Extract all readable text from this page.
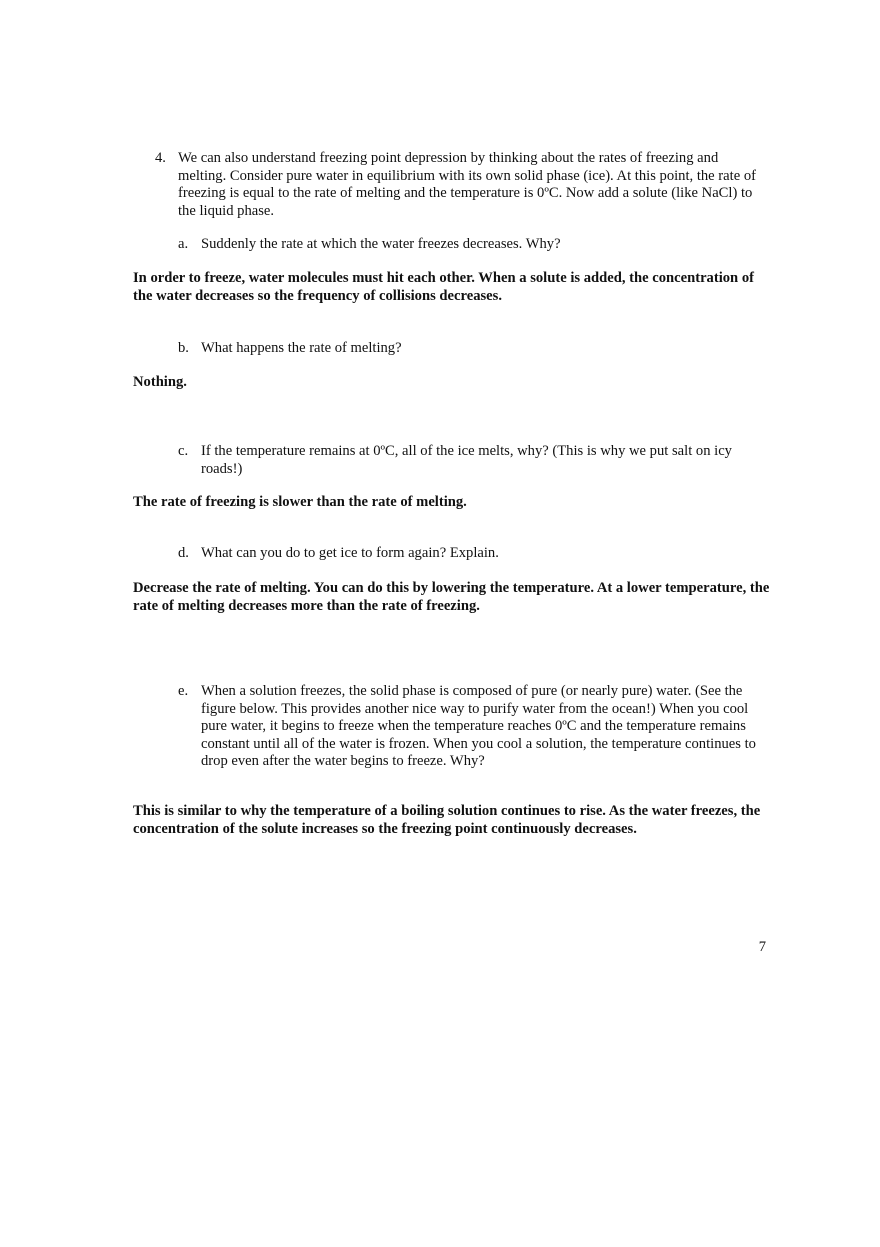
4. We can also understand freezing point depression by thinking about the rates of freezing and melting. Consider pure water in equilibrium with its own solid phase (ice). At this point, the rate of freezing is equal to the rate of melting and the temperature is 0ºC. Now add a solute (like NaCl) to the liquid phase.
a. Suddenly the rate at which the water freezes decreases. Why?
In order to freeze, water molecules must hit each other. When a solute is added, the concentration of the water decreases so the frequency of collisions decreases.
b. What happens the rate of melting?
Nothing.
c. If the temperature remains at 0ºC, all of the ice melts, why? (This is why we put salt on icy roads!)
The rate of freezing is slower than the rate of melting.
d. What can you do to get ice to form again? Explain.
Decrease the rate of melting. You can do this by lowering the temperature. At a lower temperature, the rate of melting decreases more than the rate of freezing.
e. When a solution freezes, the solid phase is composed of pure (or nearly pure) water. (See the figure below. This provides another nice way to purify water from the ocean!) When you cool pure water, it begins to freeze when the temperature reaches 0ºC and the temperature remains constant until all of the water is frozen. When you cool a solution, the temperature continues to drop even after the water begins to freeze. Why?
This is similar to why the temperature of a boiling solution continues to rise. As the water freezes, the concentration of the solute increases so the freezing point continuously decreases.
7
